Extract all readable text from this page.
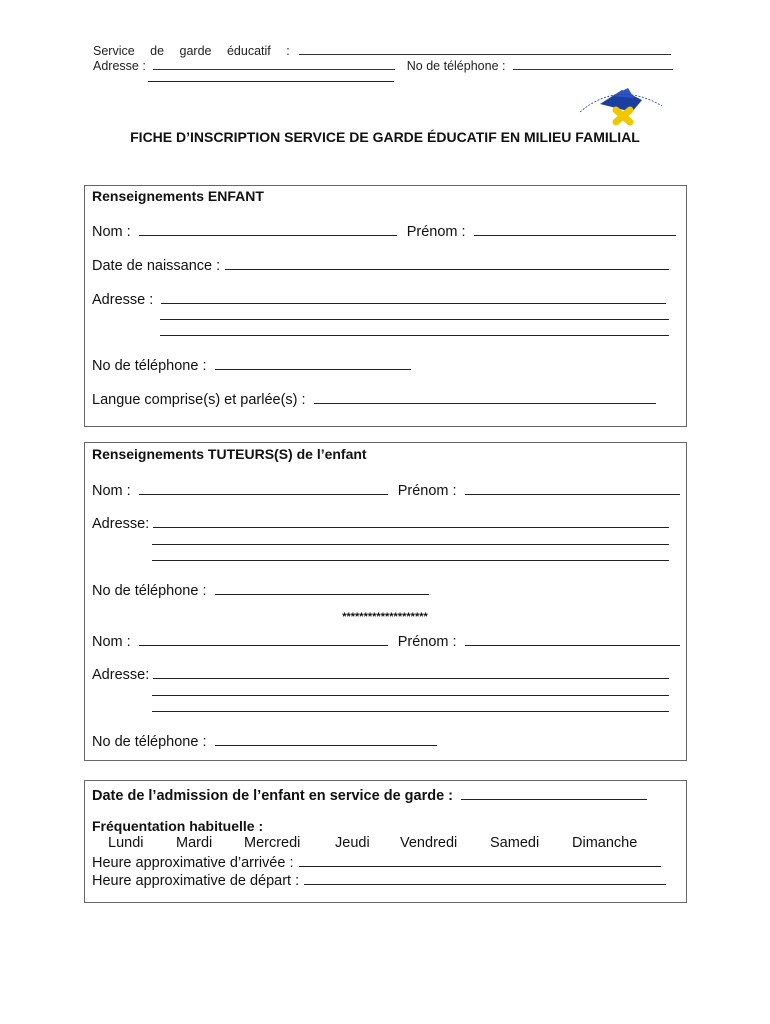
Service de garde éducatif :
Adresse :	No de téléphone :
FICHE D’INSCRIPTION SERVICE DE GARDE ÉDUCATIF EN MILIEU FAMILIAL
Renseignements ENFANT
Nom :	Prénom :
Date de naissance :
Adresse :
No de téléphone :
Langue comprise(s) et parlée(s) :
Renseignements TUTEURS(S) de l’enfant
Nom :	Prénom :
Adresse:
No de téléphone :
********************
Nom :	Prénom :
Adresse:
No de téléphone :
Date de l’admission de l’enfant en service de garde :
Fréquentation habituelle :
Lundi Mardi Mercredi Jeudi Vendredi Samedi Dimanche
Heure approximative d’arrivée :
Heure approximative de départ :
